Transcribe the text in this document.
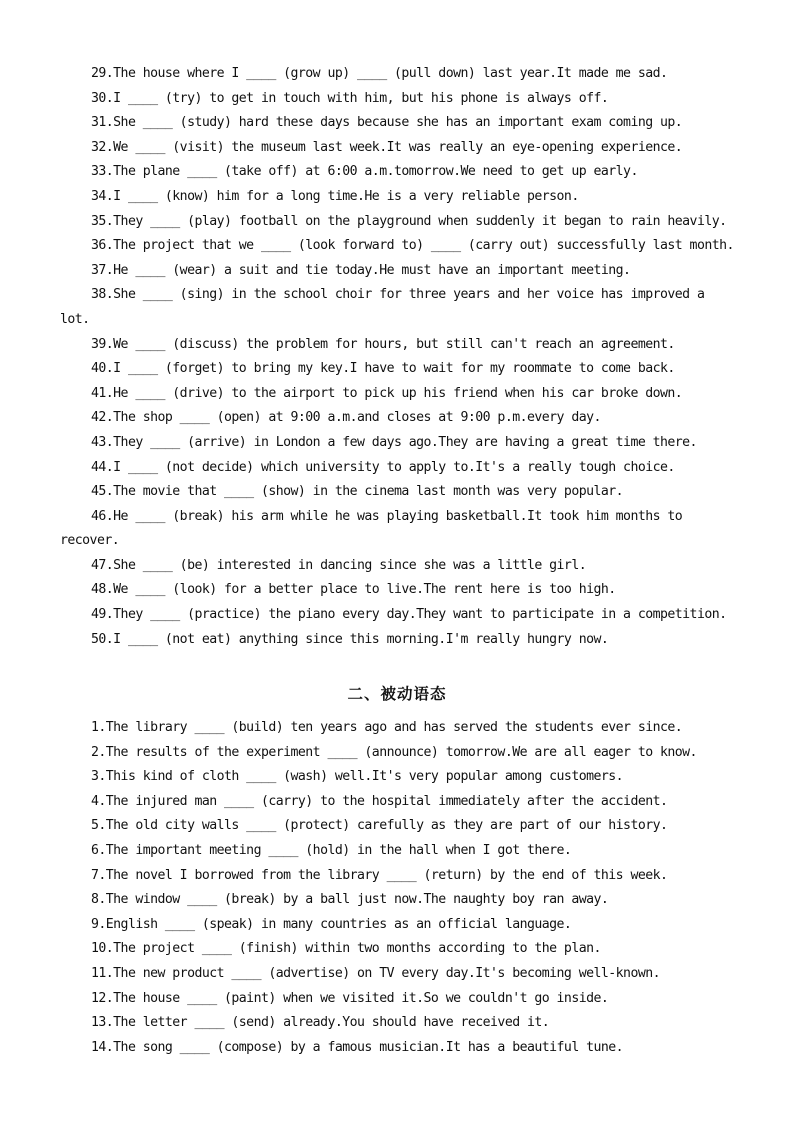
29.The house where I ____ (grow up) ____ (pull down) last year.It made me sad.

30.I ____ (try) to get in touch with him, but his phone is always off.

31.She ____ (study) hard these days because she has an important exam coming up.

32.We ____ (visit) the museum last week.It was really an eye-opening experience.

33.The plane ____ (take off) at 6:00 a.m.tomorrow.We need to get up early.

34.I ____ (know) him for a long time.He is a very reliable person.

35.They ____ (play) football on the playground when suddenly it began to rain heavily.

36.The project that we ____ (look forward to) ____ (carry out) successfully last month.

37.He ____ (wear) a suit and tie today.He must have an important meeting.

38.She ____ (sing) in the school choir for three years and her voice has improved a lot.

39.We ____ (discuss) the problem for hours, but still can't reach an agreement.

40.I ____ (forget) to bring my key.I have to wait for my roommate to come back.

41.He ____ (drive) to the airport to pick up his friend when his car broke down.

42.The shop ____ (open) at 9:00 a.m.and closes at 9:00 p.m.every day.

43.They ____ (arrive) in London a few days ago.They are having a great time there.

44.I ____ (not decide) which university to apply to.It's a really tough choice.

45.The movie that ____ (show) in the cinema last month was very popular.

46.He ____ (break) his arm while he was playing basketball.It took him months to recover.

47.She ____ (be) interested in dancing since she was a little girl.

48.We ____ (look) for a better place to live.The rent here is too high.

49.They ____ (practice) the piano every day.They want to participate in a competition.

50.I ____ (not eat) anything since this morning.I'm really hungry now.

二、被动语态

1.The library ____ (build) ten years ago and has served the students ever since.

2.The results of the experiment ____ (announce) tomorrow.We are all eager to know.

3.This kind of cloth ____ (wash) well.It's very popular among customers.

4.The injured man ____ (carry) to the hospital immediately after the accident.

5.The old city walls ____ (protect) carefully as they are part of our history.

6.The important meeting ____ (hold) in the hall when I got there.

7.The novel I borrowed from the library ____ (return) by the end of this week.

8.The window ____ (break) by a ball just now.The naughty boy ran away.

9.English ____ (speak) in many countries as an official language.

10.The project ____ (finish) within two months according to the plan.

11.The new product ____ (advertise) on TV every day.It's becoming well-known.

12.The house ____ (paint) when we visited it.So we couldn't go inside.

13.The letter ____ (send) already.You should have received it.

14.The song ____ (compose) by a famous musician.It has a beautiful tune.
